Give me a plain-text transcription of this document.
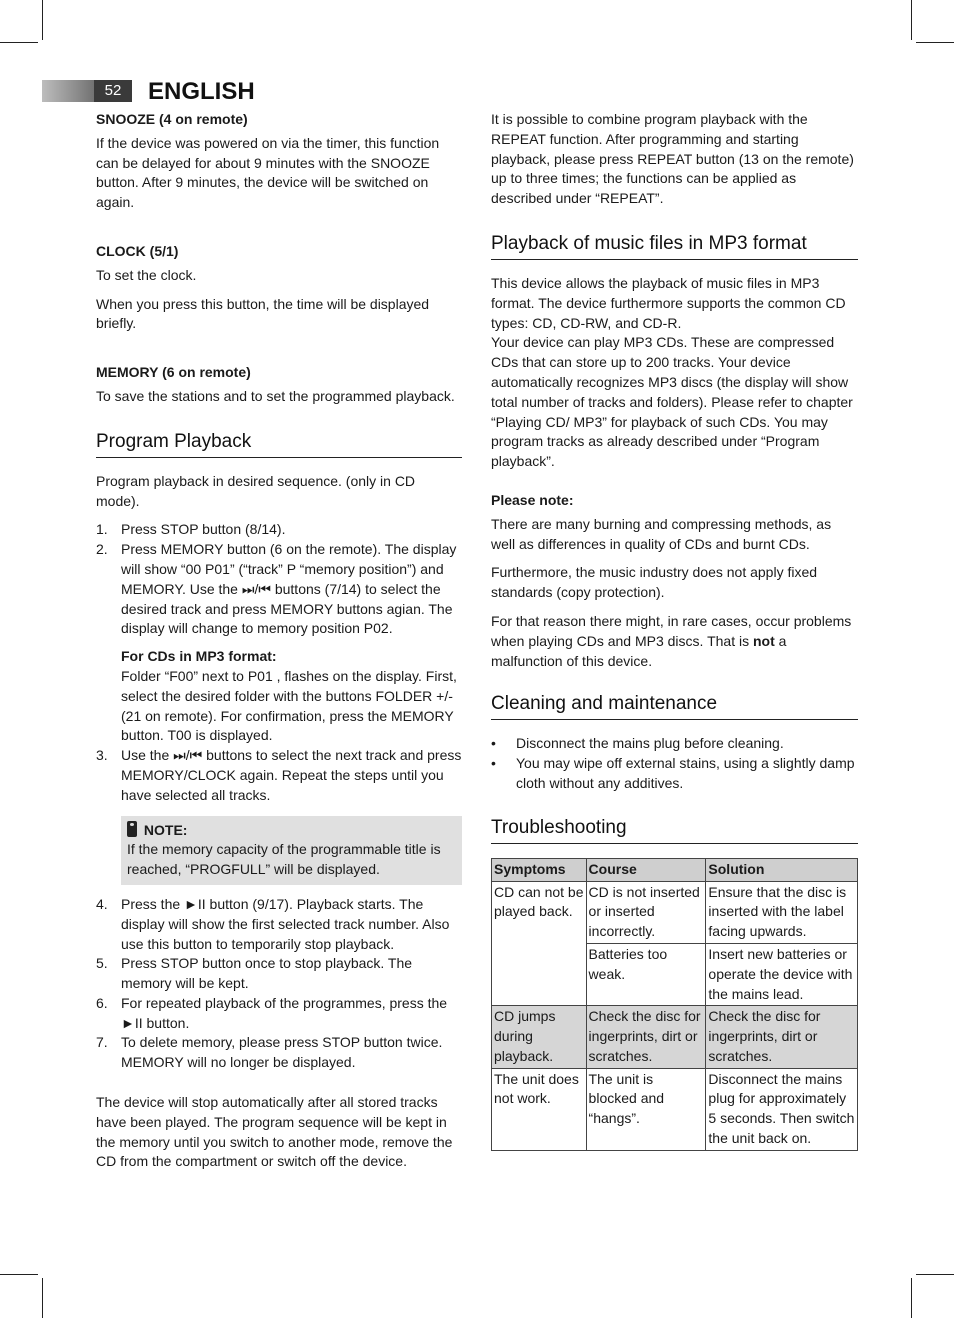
52	ENGLISH

SNOOZE (4 on remote)

If the device was powered on via the timer, this function can be delayed for about 9 minutes with the SNOOZE button. After 9 minutes, the device will be switched on again.

CLOCK (5/1)

To set the clock.

When you press this button, the time will be displayed briefly.

MEMORY (6 on remote)

To save the stations and to set the programmed playback.

Program Playback

Program playback in desired sequence. (only in CD mode).

1. Press STOP button (8/14).
2. Press MEMORY button (6 on the remote). The display will show “00 P01” (“track” P “memory position”) and MEMORY. Use the ⏭/⏮ buttons (7/14) to select the desired track and press MEMORY buttons agian. The display will change to memory position P02.
For CDs in MP3 format:
Folder “F00” next to P01 , flashes on the display. First, select the desired folder with the buttons FOLDER +/- (21 on remote). For confirmation, press the MEMORY button. T00 is displayed.
3. Use the ⏭/⏮ buttons to select the next track and press MEMORY/CLOCK again. Repeat the steps until you have selected all tracks.
NOTE:
If the memory capacity of the programmable title is reached, “PROGFULL” will be displayed.
4. Press the ►II button (9/17). Playback starts. The display will show the first selected track number. Also use this button to temporarily stop playback.
5. Press STOP button once to stop playback. The memory will be kept.
6. For repeated playback of the programmes, press the ►II button.
7. To delete memory, please press STOP button twice. MEMORY will no longer be displayed.

The device will stop automatically after all stored tracks have been played. The program sequence will be kept in the memory until you switch to another mode, remove the CD from the compartment or switch off the device.

It is possible to combine program playback with the REPEAT function. After programming and starting playback, please press REPEAT button (13 on the remote) up to three times; the functions can be applied as described under “REPEAT”.

Playback of music files in MP3 format

This device allows the playback of music files in MP3 format. The device furthermore supports the common CD types: CD, CD-RW, and CD-R.

Your device can play MP3 CDs. These are compressed CDs that can store up to 200 tracks. Your device automatically recognizes MP3 discs (the display will show total number of tracks and folders). Please refer to chapter “Playing CD/ MP3” for playback of such CDs. You may program tracks as already described under “Program playback”.

Please note:

There are many burning and compressing methods, as well as differences in quality of CDs and burnt CDs.

Furthermore, the music industry does not apply fixed standards (copy protection).

For that reason there might, in rare cases, occur problems when playing CDs and MP3 discs. That is not a malfunction of this device.

Cleaning and maintenance
• Disconnect the mains plug before cleaning.
• You may wipe off external stains, using a slightly damp cloth without any additives.
Troubleshooting
Symptoms	Course	Solution
CD can not be played back.	CD is not inserted or inserted incorrectly.	Ensure that the disc is inserted with the label facing upwards.
	Batteries too weak.	Insert new batteries or operate the device with the mains lead.
CD jumps during playback.	Check the disc for ingerprints, dirt or scratches.	Check the disc for ingerprints, dirt or scratches.
The unit does not work.	The unit is blocked and “hangs”.	Disconnect the mains plug for approximately 5 seconds. Then switch the unit back on.
